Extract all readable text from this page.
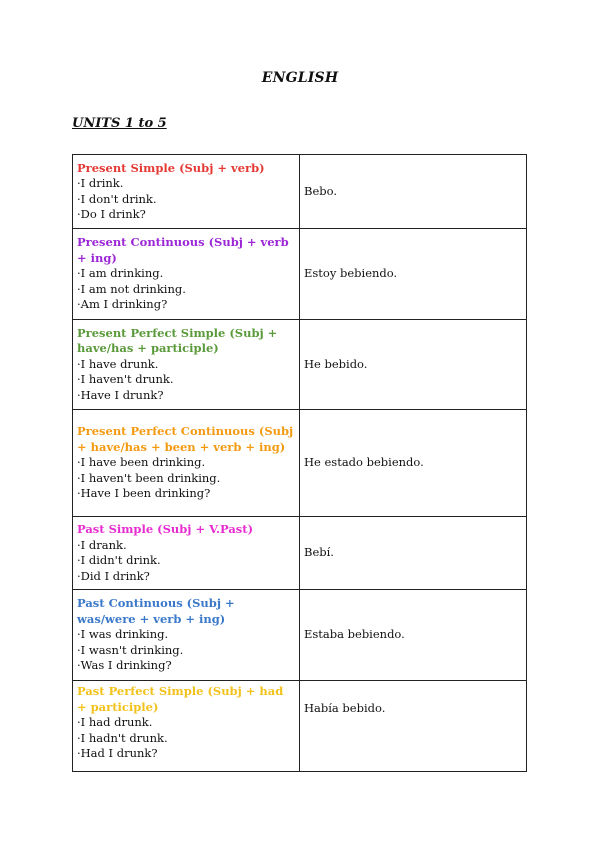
ENGLISH
UNITS 1 to 5
Present Simple (Subj + verb)
·I drink.
·I don't drink.
·Do I drink?	Bebo.
Present Continuous (Subj + verb + ing)
·I am drinking.
·I am not drinking.
·Am I drinking?	Estoy bebiendo.
Present Perfect Simple (Subj + have/has + participle)
·I have drunk.
·I haven't drunk.
·Have I drunk?	He bebido.
Present Perfect Continuous (Subj + have/has + been + verb + ing)
·I have been drinking.
·I haven't been drinking.
·Have I been drinking?	He estado bebiendo.
Past Simple (Subj + V.Past)
·I drank.
·I didn't drink.
·Did I drink?	Bebí.
Past Continuous (Subj + was/were + verb + ing)
·I was drinking.
·I wasn't drinking.
·Was I drinking?	Estaba bebiendo.
Past Perfect Simple (Subj + had + participle)
·I had drunk.
·I hadn't drunk.
·Had I drunk?	Había bebido.
